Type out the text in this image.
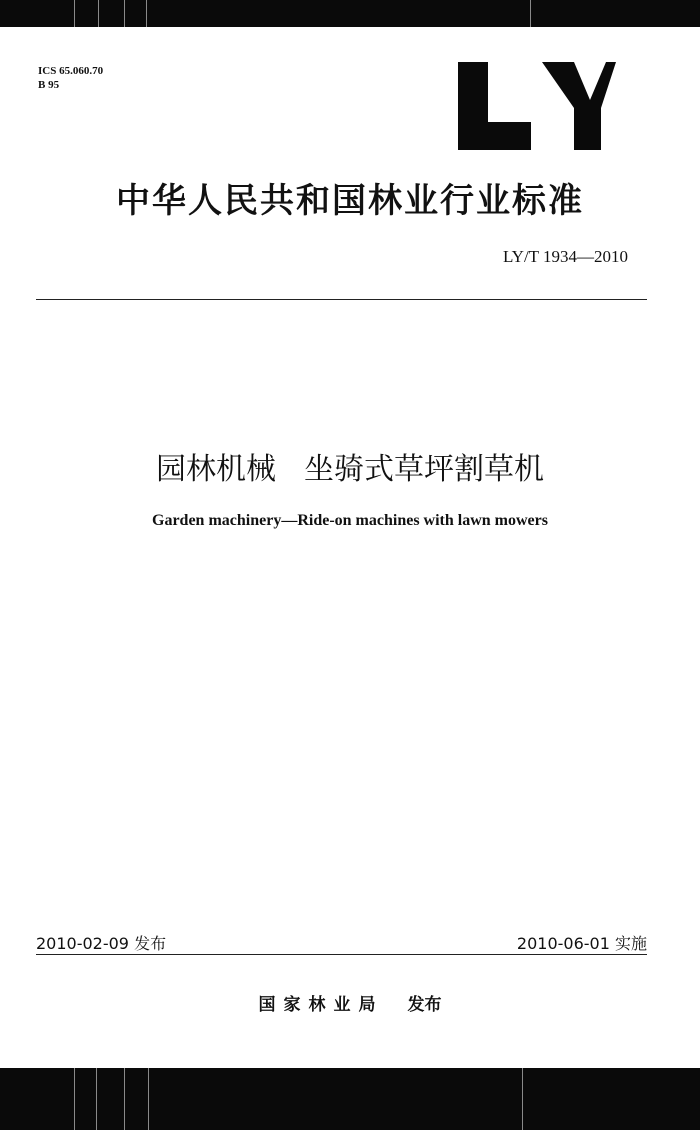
ICS 65.060.70
B 95
中华人民共和国林业行业标准
LY/T 1934—2010
园林机械 坐骑式草坪割草机
Garden machinery—Ride-on machines with lawn mowers
2010-02-09 发布	2010-06-01 实施
国家林业局 发布
